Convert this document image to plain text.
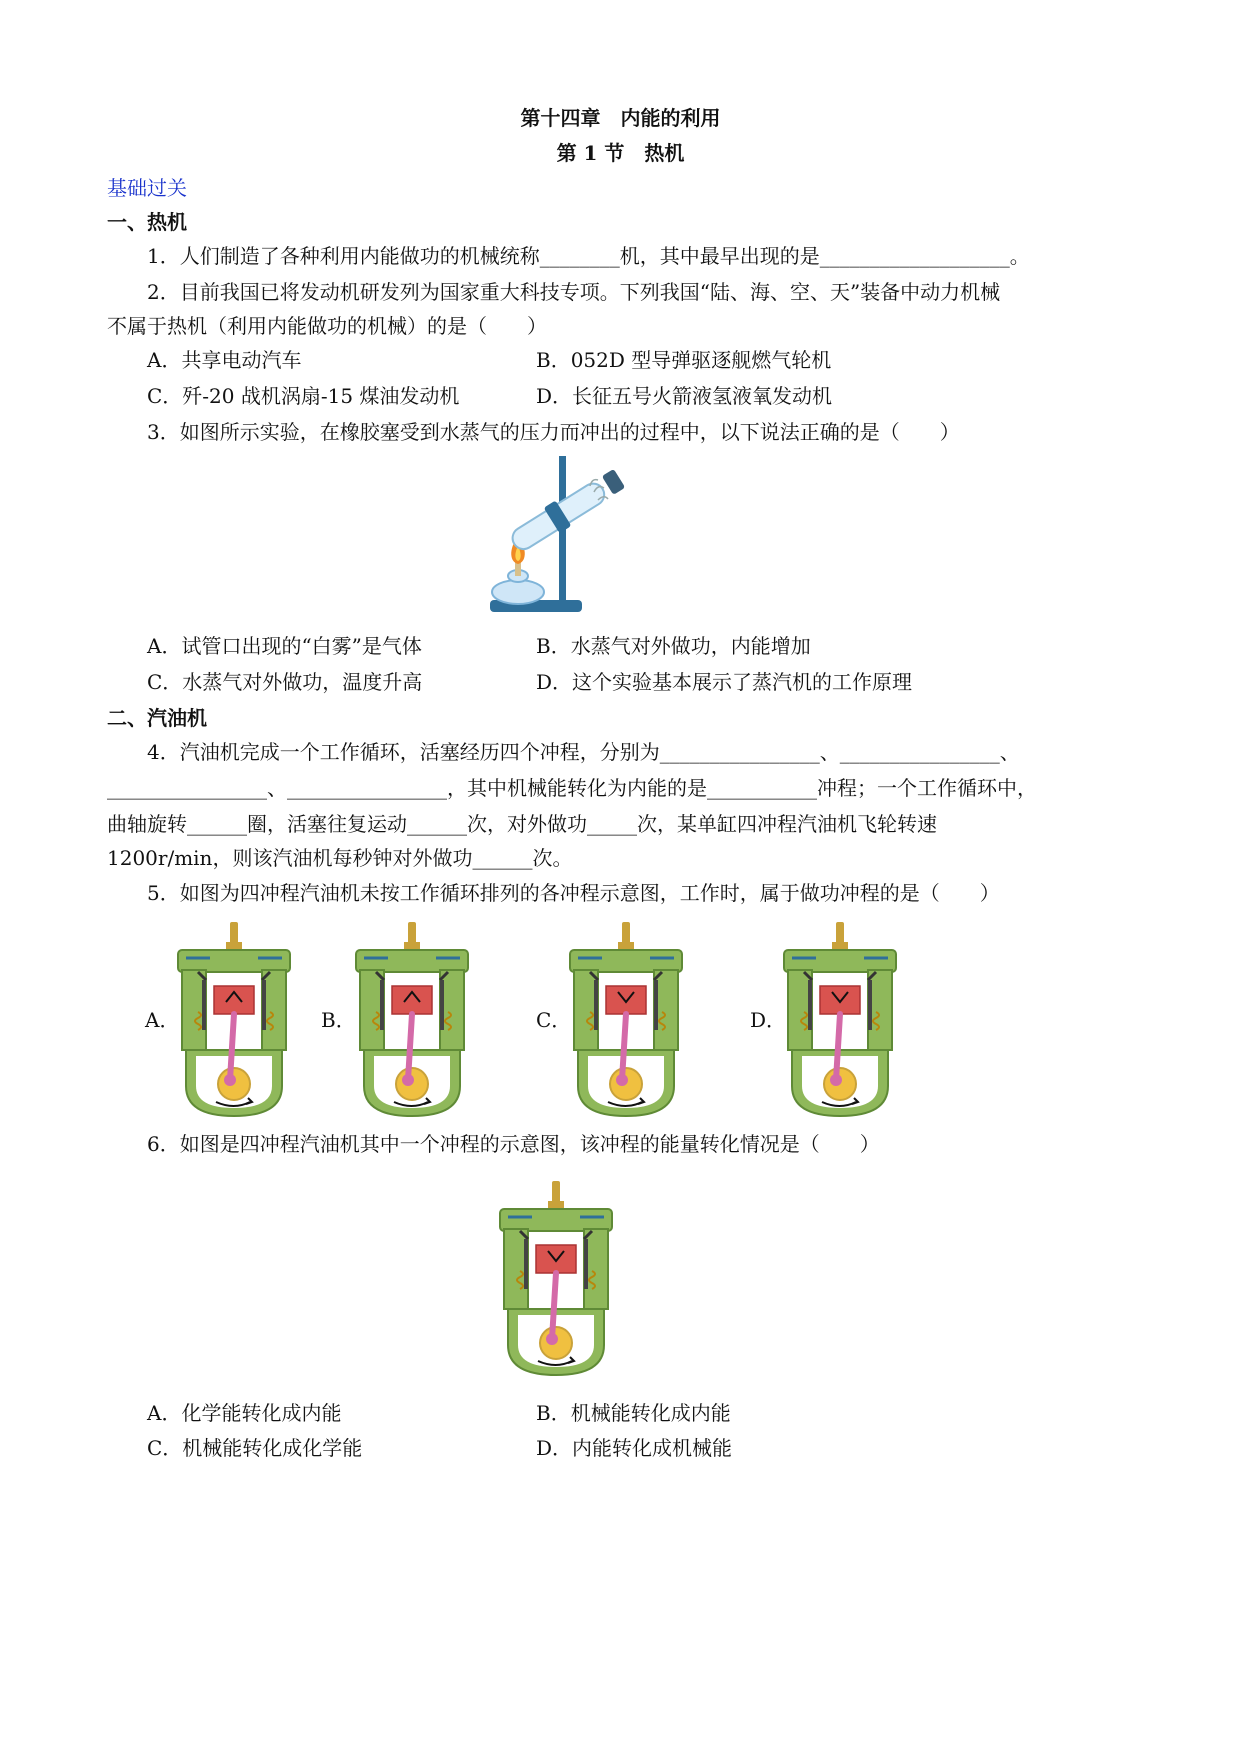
第十四章　内能的利用
第 1 节　热机
基础过关
一、热机
1．人们制造了各种利用内能做功的机械统称________机，其中最早出现的是___________________。
2．目前我国已将发动机研发列为国家重大科技专项。下列我国“陆、海、空、天”装备中动力机械
不属于热机（利用内能做功的机械）的是（　　）
A．共享电动汽车	B．052D 型导弹驱逐舰燃气轮机
C．歼-20 战机涡扇-15 煤油发动机	D．长征五号火箭液氢液氧发动机
3．如图所示实验，在橡胶塞受到水蒸气的压力而冲出的过程中，以下说法正确的是（　　）
A．试管口出现的“白雾”是气体	B．水蒸气对外做功，内能增加
C．水蒸气对外做功，温度升高	D．这个实验基本展示了蒸汽机的工作原理
二、汽油机
4．汽油机完成一个工作循环，活塞经历四个冲程，分别为________________、________________、
________________、________________，其中机械能转化为内能的是___________冲程；一个工作循环中，
曲轴旋转______圈，活塞往复运动______次，对外做功_____次，某单缸四冲程汽油机飞轮转速
1200r/min，则该汽油机每秒钟对外做功______次。
5．如图为四冲程汽油机未按工作循环排列的各冲程示意图，工作时，属于做功冲程的是（　　）
A．	B．	C．	D．
6．如图是四冲程汽油机其中一个冲程的示意图，该冲程的能量转化情况是（　　）
A．化学能转化成内能	B．机械能转化成内能
C．机械能转化成化学能	D．内能转化成机械能
